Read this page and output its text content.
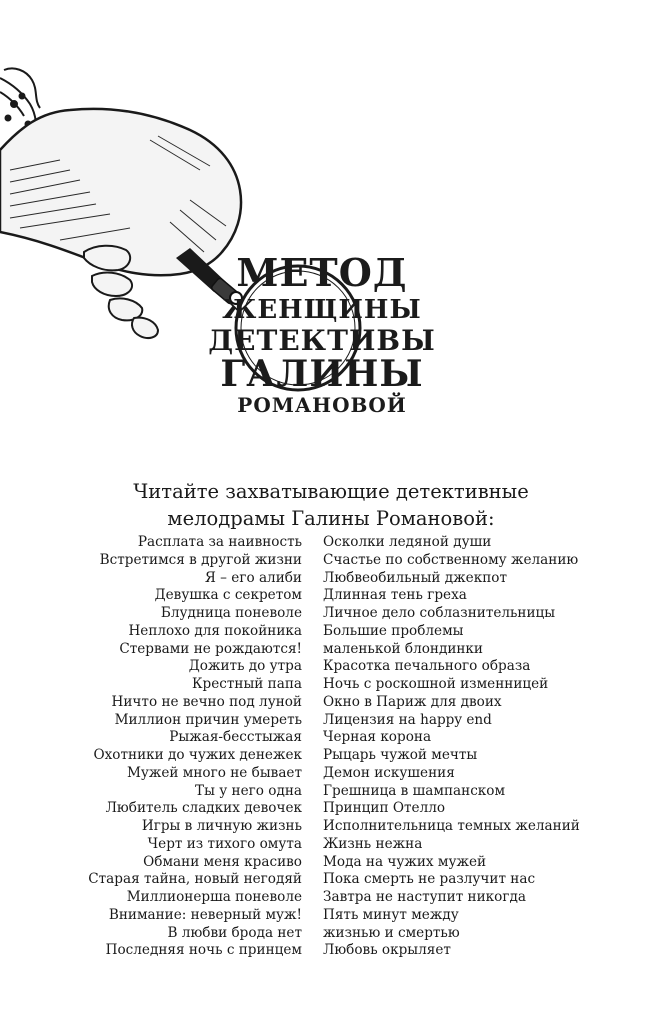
МЕТОД
ЖЕНЩИНЫ
ДЕТЕКТИВЫ
ГАЛИНЫ
РОМАНОВОЙ
Читайте захватывающие детективные
мелодрамы Галины Романовой:
Расплата за наивность
Встретимся в другой жизни
Я – его алиби
Девушка с секретом
Блудница поневоле
Неплохо для покойника
Стервами не рождаются!
Дожить до утра
Крестный папа
Ничто не вечно под луной
Миллион причин умереть
Рыжая-бесстыжая
Охотники до чужих денежек
Мужей много не бывает
Ты у него одна
Любитель сладких девочек
Игры в личную жизнь
Черт из тихого омута
Обмани меня красиво
Старая тайна, новый негодяй
Миллионерша поневоле
Внимание: неверный муж!
В любви брода нет
Последняя ночь с принцем
Осколки ледяной души
Счастье по собственному желанию
Любвеобильный джекпот
Длинная тень греха
Личное дело соблазнительницы
Большие проблемы
маленькой блондинки
Красотка печального образа
Ночь с роскошной изменницей
Окно в Париж для двоих
Лицензия на happy end
Черная корона
Рыцарь чужой мечты
Демон искушения
Грешница в шампанском
Принцип Отелло
Исполнительница темных желаний
Жизнь нежна
Мода на чужих мужей
Пока смерть не разлучит нас
Завтра не наступит никогда
Пять минут между
жизнью и смертью
Любовь окрыляет
